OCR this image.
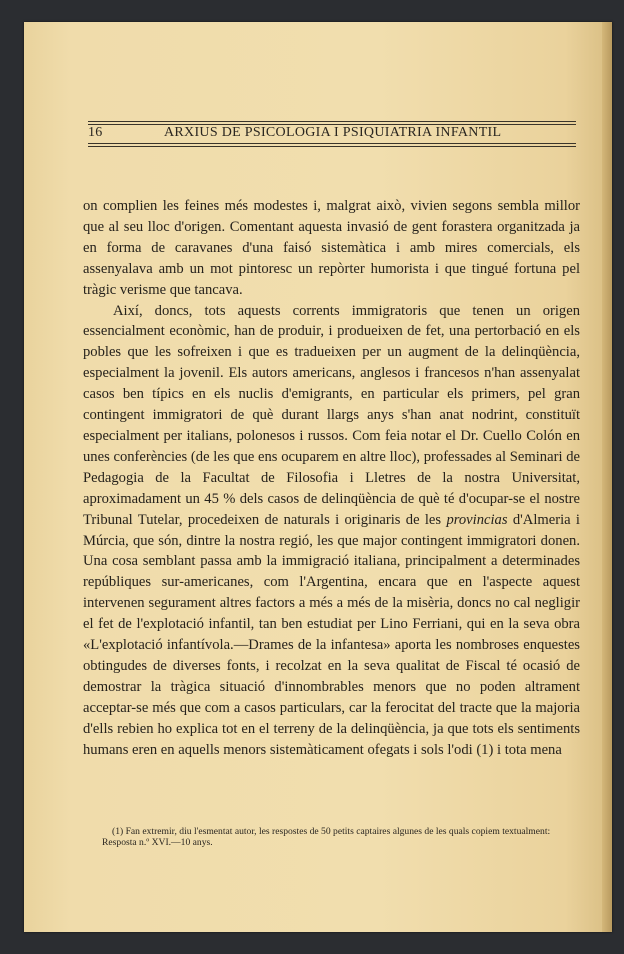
16	ARXIUS DE PSICOLOGIA I PSIQUIATRIA INFANTIL

on complien les feines més modestes i, malgrat això, vivien segons sembla millor que al seu lloc d'origen. Comentant aquesta invasió de gent forastera organitzada ja en forma de caravanes d'una faisó sistemàtica i amb mires comercials, els assenyalava amb un mot pintoresc un repòrter humorista i que tingué fortuna pel tràgic verisme que tancava.

Així, doncs, tots aquests corrents immigratoris que tenen un origen essencialment econòmic, han de produir, i produeixen de fet, una pertorbació en els pobles que les sofreixen i que es tradueixen per un augment de la delinqüència, especialment la jovenil. Els autors americans, anglesos i francesos n'han assenyalat casos ben típics en els nuclis d'emigrants, en particular els primers, pel gran contingent immigratori de què durant llargs anys s'han anat nodrint, constituït especialment per italians, polonesos i russos. Com feia notar el Dr. Cuello Colón en unes conferències (de les que ens ocuparem en altre lloc), professades al Seminari de Pedagogia de la Facultat de Filosofia i Lletres de la nostra Universitat, aproximadament un 45 % dels casos de delinqüència de què té d'ocupar-se el nostre Tribunal Tutelar, procedeixen de naturals i originaris de les provincias d'Almeria i Múrcia, que són, dintre la nostra regió, les que major contingent immigratori donen. Una cosa semblant passa amb la immigració italiana, principalment a determinades repúbliques sur-americanes, com l'Argentina, encara que en l'aspecte aquest intervenen segurament altres factors a més a més de la misèria, doncs no cal negligir el fet de l'explotació infantil, tan ben estudiat per Lino Ferriani, qui en la seva obra «L'explotació infantívola.—Drames de la infantesa» aporta les nombroses enquestes obtingudes de diverses fonts, i recolzat en la seva qualitat de Fiscal té ocasió de demostrar la tràgica situació d'innombrables menors que no poden altrament acceptar-se més que com a casos particulars, car la ferocitat del tracte que la majoria d'ells rebien ho explica tot en el terreny de la delinqüència, ja que tots els sentiments humans eren en aquells menors sistemàticament ofegats i sols l'odi (1) i tota mena

(1) Fan extremir, diu l'esmentat autor, les respostes de 50 petits captaires algunes de les quals copiem textualment:

Resposta n.º XVI.—10 anys.
